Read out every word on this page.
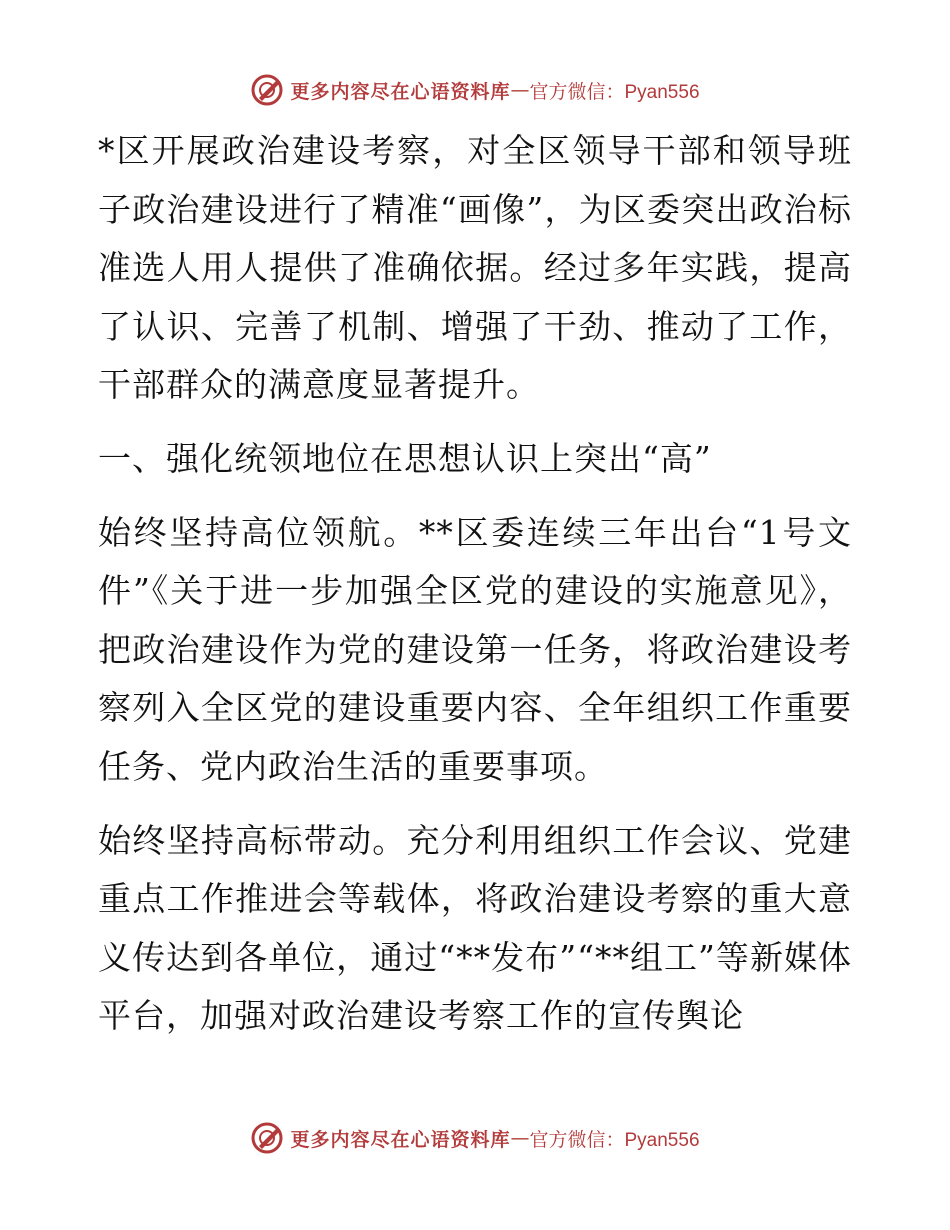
更多内容尽在心语资料库 — 官方微信：Pyan556

*区开展政治建设考察，对全区领导干部和领导班子政治建设进行了精准“画像”，为区委突出政治标准选人用人提供了准确依据。经过多年实践，提高了认识、完善了机制、增强了干劲、推动了工作，干部群众的满意度显著提升。

一、强化统领地位在思想认识上突出“高”

始终坚持高位领航。**区委连续三年出台“1号文件”《关于进一步加强全区党的建设的实施意见》，把政治建设作为党的建设第一任务，将政治建设考察列入全区党的建设重要内容、全年组织工作重要任务、党内政治生活的重要事项。

始终坚持高标带动。充分利用组织工作会议、党建重点工作推进会等载体，将政治建设考察的重大意义传达到各单位，通过“**发布”“**组工”等新媒体平台，加强对政治建设考察工作的宣传舆论

更多内容尽在心语资料库 — 官方微信：Pyan556
